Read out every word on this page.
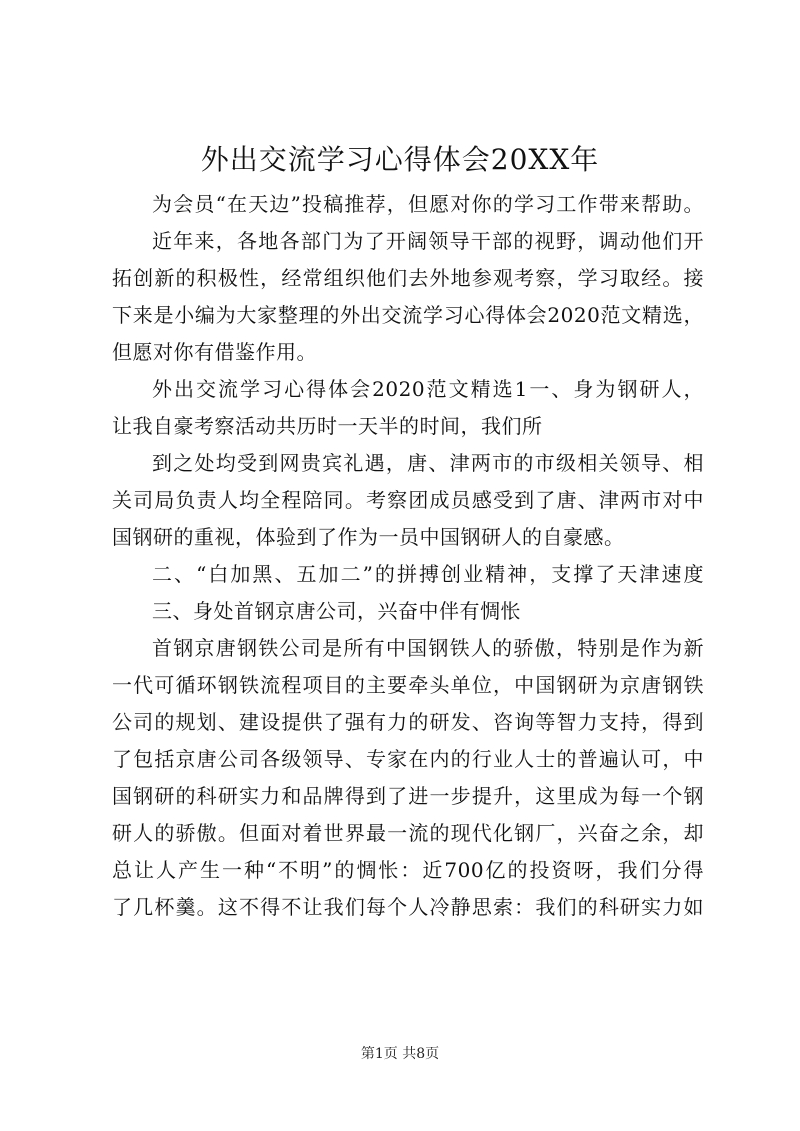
外出交流学习心得体会20XX年
为会员“在天边”投稿推荐，但愿对你的学习工作带来帮助。
近年来，各地各部门为了开阔领导干部的视野，调动他们开
拓创新的积极性，经常组织他们去外地参观考察，学习取经。接
下来是小编为大家整理的外出交流学习心得体会2020范文精选，
但愿对你有借鉴作用。
外出交流学习心得体会2020范文精选1一、身为钢研人，
让我自豪考察活动共历时一天半的时间，我们所
到之处均受到网贵宾礼遇，唐、津两市的市级相关领导、相
关司局负责人均全程陪同。考察团成员感受到了唐、津两市对中
国钢研的重视，体验到了作为一员中国钢研人的自豪感。
二、“白加黑、五加二”的拼搏创业精神，支撑了天津速度
三、身处首钢京唐公司，兴奋中伴有惆怅
首钢京唐钢铁公司是所有中国钢铁人的骄傲，特别是作为新
一代可循环钢铁流程项目的主要牵头单位，中国钢研为京唐钢铁
公司的规划、建设提供了强有力的研发、咨询等智力支持，得到
了包括京唐公司各级领导、专家在内的行业人士的普遍认可，中
国钢研的科研实力和品牌得到了进一步提升，这里成为每一个钢
研人的骄傲。但面对着世界最一流的现代化钢厂，兴奋之余，却
总让人产生一种“不明”的惆怅：近700亿的投资呀，我们分得
了几杯羹。这不得不让我们每个人冷静思索：我们的科研实力如
第1页 共8页
